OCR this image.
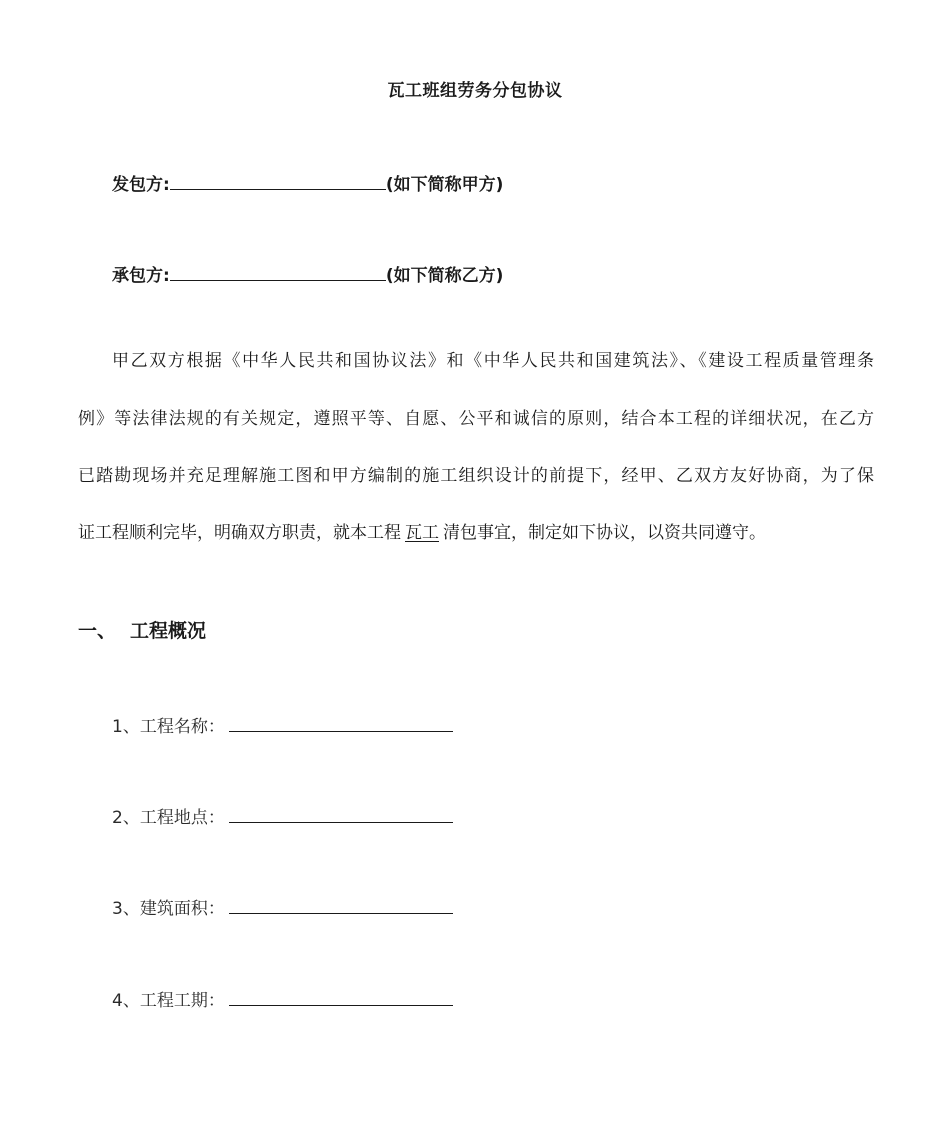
瓦工班组劳务分包协议
发包方:	(如下简称甲方)
承包方:	(如下简称乙方)
甲乙双方根据《中华人民共和国协议法》和《中华人民共和国建筑法》、《建设工程质量管理条
例》等法律法规的有关规定，遵照平等、自愿、公平和诚信的原则，结合本工程的详细状况，在乙方
已踏勘现场并充足理解施工图和甲方编制的施工组织设计的前提下，经甲、乙双方友好协商，为了保
证工程顺利完毕，明确双方职责，就本工程 瓦工 清包事宜，制定如下协议，以资共同遵守。
一、 工程概况
1、工程名称：
2、工程地点：
3、建筑面积：
4、工程工期：
